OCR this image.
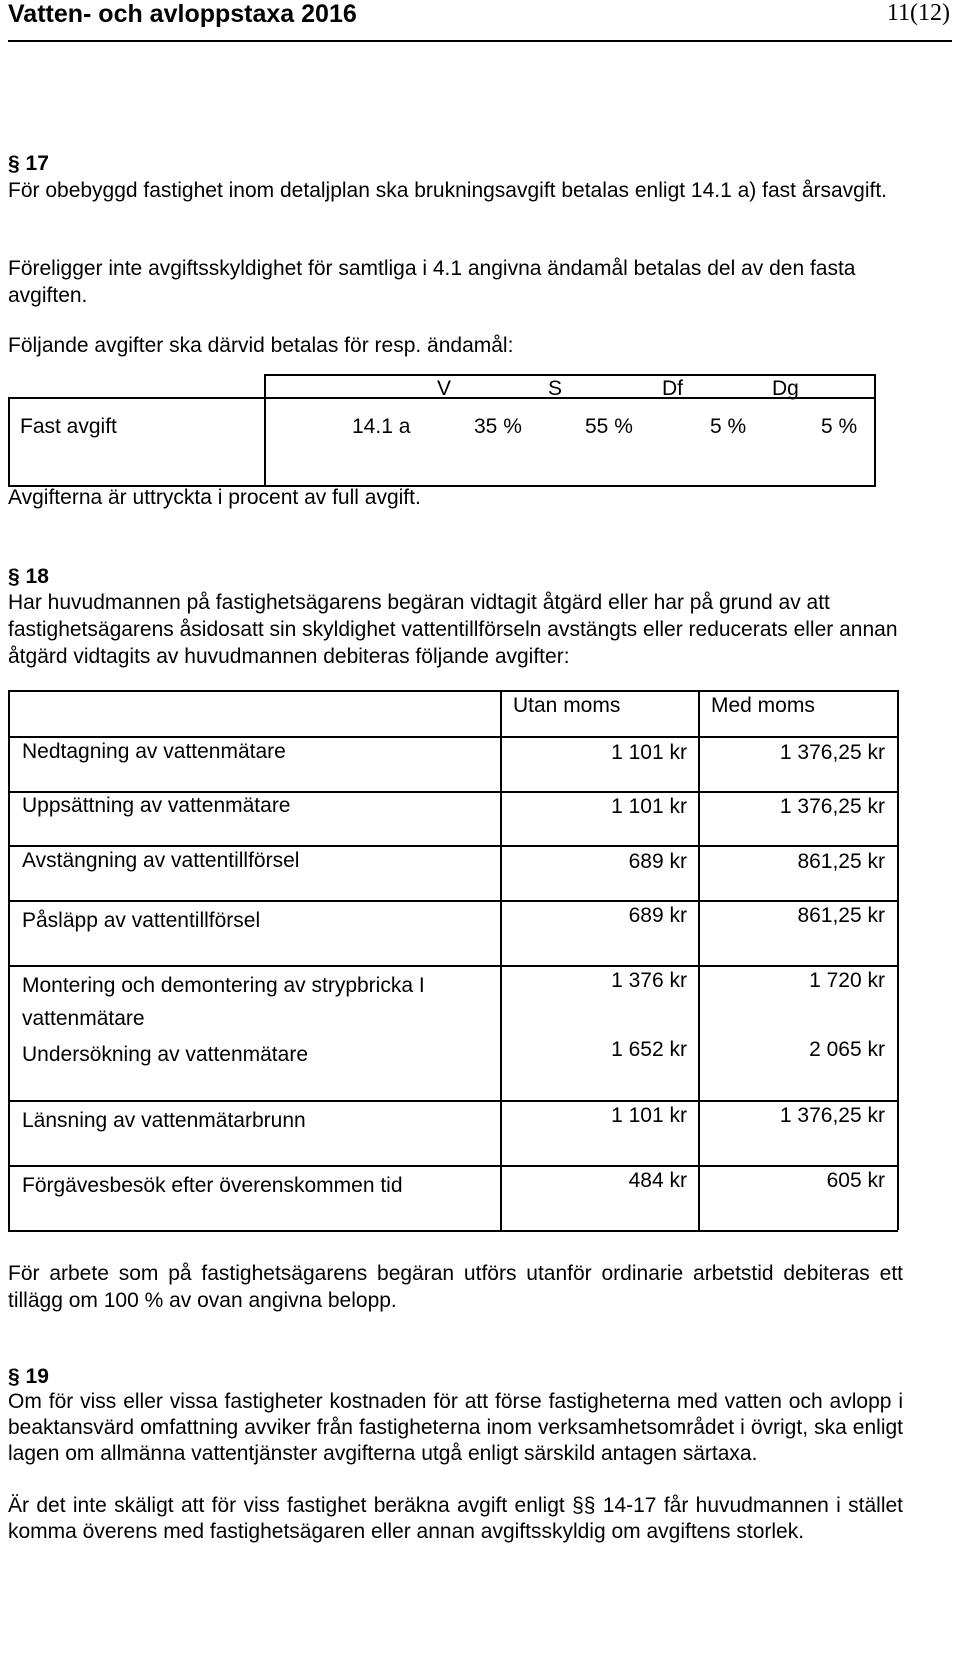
Vatten- och avloppstaxa 2016	11(12)
§ 17
För obebyggd fastighet inom detaljplan ska brukningsavgift betalas enligt 14.1 a) fast årsavgift.
Föreligger inte avgiftsskyldighet för samtliga i 4.1 angivna ändamål betalas del av den fasta avgiften.
Följande avgifter ska därvid betalas för resp. ändamål:
V	S	Df	Dg
Fast avgift	14.1 a	35 %	55 %	5 %	5 %
Avgifterna är uttryckta i procent av full avgift.
§ 18
Har huvudmannen på fastighetsägarens begäran vidtagit åtgärd eller har på grund av att fastighetsägarens åsidosatt sin skyldighet vattentillförseln avstängts eller reducerats eller annan åtgärd vidtagits av huvudmannen debiteras följande avgifter:
Utan moms	Med moms
Nedtagning av vattenmätare	1 101 kr	1 376,25 kr
Uppsättning av vattenmätare	1 101 kr	1 376,25 kr
Avstängning av vattentillförsel	689 kr	861,25 kr
Påsläpp av vattentillförsel	689 kr	861,25 kr
Montering och demontering av strypbricka I vattenmätare
1 376 kr	1 720 kr
Undersökning av vattenmätare	1 652 kr	2 065 kr
Länsning av vattenmätarbrunn	1 101 kr	1 376,25 kr
Förgävesbesök efter överenskommen tid	484 kr	605 kr
För arbete som på fastighetsägarens begäran utförs utanför ordinarie arbetstid debiteras ett tillägg om 100 % av ovan angivna belopp.
§ 19
Om för viss eller vissa fastigheter kostnaden för att förse fastigheterna med vatten och avlopp i beaktansvärd omfattning avviker från fastigheterna inom verksamhetsområdet i övrigt, ska enligt lagen om allmänna vattentjänster avgifterna utgå enligt särskild antagen särtaxa.
Är det inte skäligt att för viss fastighet beräkna avgift enligt §§ 14-17 får huvudmannen i stället komma överens med fastighetsägaren eller annan avgiftsskyldig om avgiftens storlek.
